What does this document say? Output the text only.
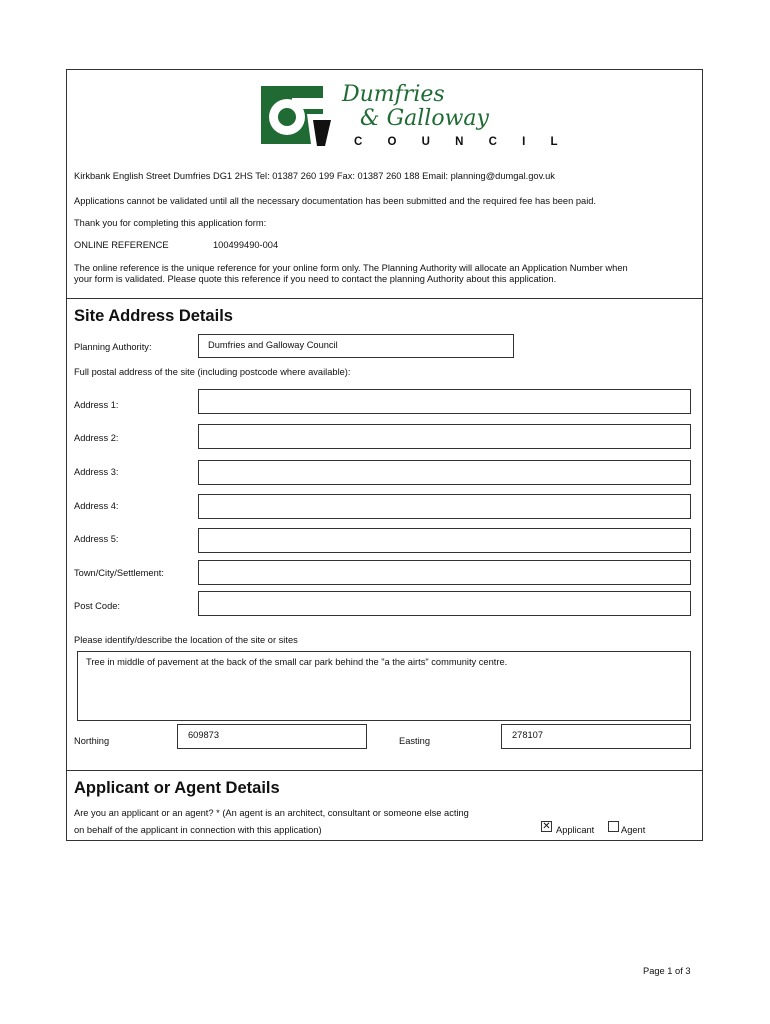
Dumfries
& Galloway
C O U N C I L
Kirkbank English Street Dumfries DG1 2HS Tel: 01387 260 199 Fax: 01387 260 188 Email: planning@dumgal.gov.uk
Applications cannot be validated until all the necessary documentation has been submitted and the required fee has been paid.
Thank you for completing this application form:
ONLINE REFERENCE	100499490-004
The online reference is the unique reference for your online form only. The Planning Authority will allocate an Application Number when
your form is validated. Please quote this reference if you need to contact the planning Authority about this application.
Site Address Details
Planning Authority:	Dumfries and Galloway Council
Full postal address of the site (including postcode where available):
Address 1:
Address 2:
Address 3:
Address 4:
Address 5:
Town/City/Settlement:
Post Code:
Please identify/describe the location of the site or sites
Tree in middle of pavement at the back of the small car park behind the "a the airts" community centre.
Northing
609873
Easting
278107
Applicant or Agent Details
Are you an applicant or an agent? * (An agent is an architect, consultant or someone else acting
on behalf of the applicant in connection with this application)	✕ Applicant	Agent
Page 1 of 3
